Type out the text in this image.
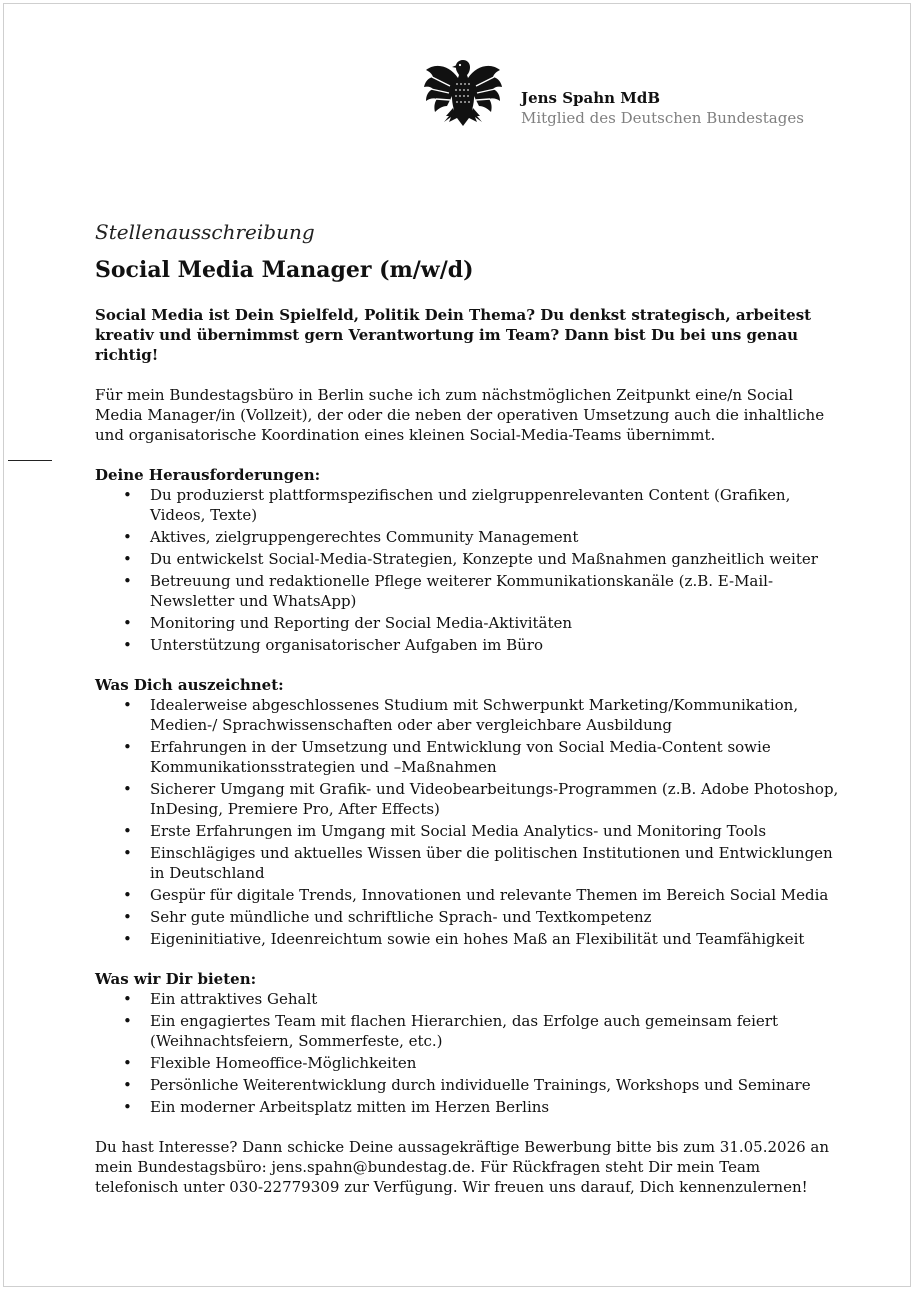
Jens Spahn MdB
Mitglied des Deutschen Bundestages
Stellenausschreibung
Social Media Manager (m/w/d)

Social Media ist Dein Spielfeld, Politik Dein Thema? Du denkst strategisch, arbeitest kreativ und übernimmst gern Verantwortung im Team? Dann bist Du bei uns genau richtig!

Für mein Bundestagsbüro in Berlin suche ich zum nächstmöglichen Zeitpunkt eine/n Social Media Manager/in (Vollzeit), der oder die neben der operativen Umsetzung auch die inhaltliche und organisatorische Koordination eines kleinen Social-Media-Teams übernimmt.

Deine Herausforderungen:

• Du produzierst plattformspezifischen und zielgruppenrelevanten Content (Grafiken, Videos, Texte)
• Aktives, zielgruppengerechtes Community Management
• Du entwickelst Social-Media-Strategien, Konzepte und Maßnahmen ganzheitlich weiter
• Betreuung und redaktionelle Pflege weiterer Kommunikationskanäle (z.B. E-Mail-Newsletter und WhatsApp)
• Monitoring und Reporting der Social Media-Aktivitäten
• Unterstützung organisatorischer Aufgaben im Büro

Was Dich auszeichnet:

• Idealerweise abgeschlossenes Studium mit Schwerpunkt Marketing/Kommunikation, Medien-/ Sprachwissenschaften oder aber vergleichbare Ausbildung
• Erfahrungen in der Umsetzung und Entwicklung von Social Media-Content sowie Kommunikationsstrategien und –Maßnahmen
• Sicherer Umgang mit Grafik- und Videobearbeitungs-Programmen (z.B. Adobe Photoshop, InDesing, Premiere Pro, After Effects)
• Erste Erfahrungen im Umgang mit Social Media Analytics- und Monitoring Tools
• Einschlägiges und aktuelles Wissen über die politischen Institutionen und Entwicklungen in Deutschland
• Gespür für digitale Trends, Innovationen und relevante Themen im Bereich Social Media
• Sehr gute mündliche und schriftliche Sprach- und Textkompetenz
• Eigeninitiative, Ideenreichtum sowie ein hohes Maß an Flexibilität und Teamfähigkeit

Was wir Dir bieten:

• Ein attraktives Gehalt
• Ein engagiertes Team mit flachen Hierarchien, das Erfolge auch gemeinsam feiert (Weihnachtsfeiern, Sommerfeste, etc.)
• Flexible Homeoffice-Möglichkeiten
• Persönliche Weiterentwicklung durch individuelle Trainings, Workshops und Seminare
• Ein moderner Arbeitsplatz mitten im Herzen Berlins

Du hast Interesse? Dann schicke Deine aussagekräftige Bewerbung bitte bis zum 31.05.2026 an mein Bundestagsbüro: jens.spahn@bundestag.de. Für Rückfragen steht Dir mein Team telefonisch unter 030-22779309 zur Verfügung. Wir freuen uns darauf, Dich kennenzulernen!
